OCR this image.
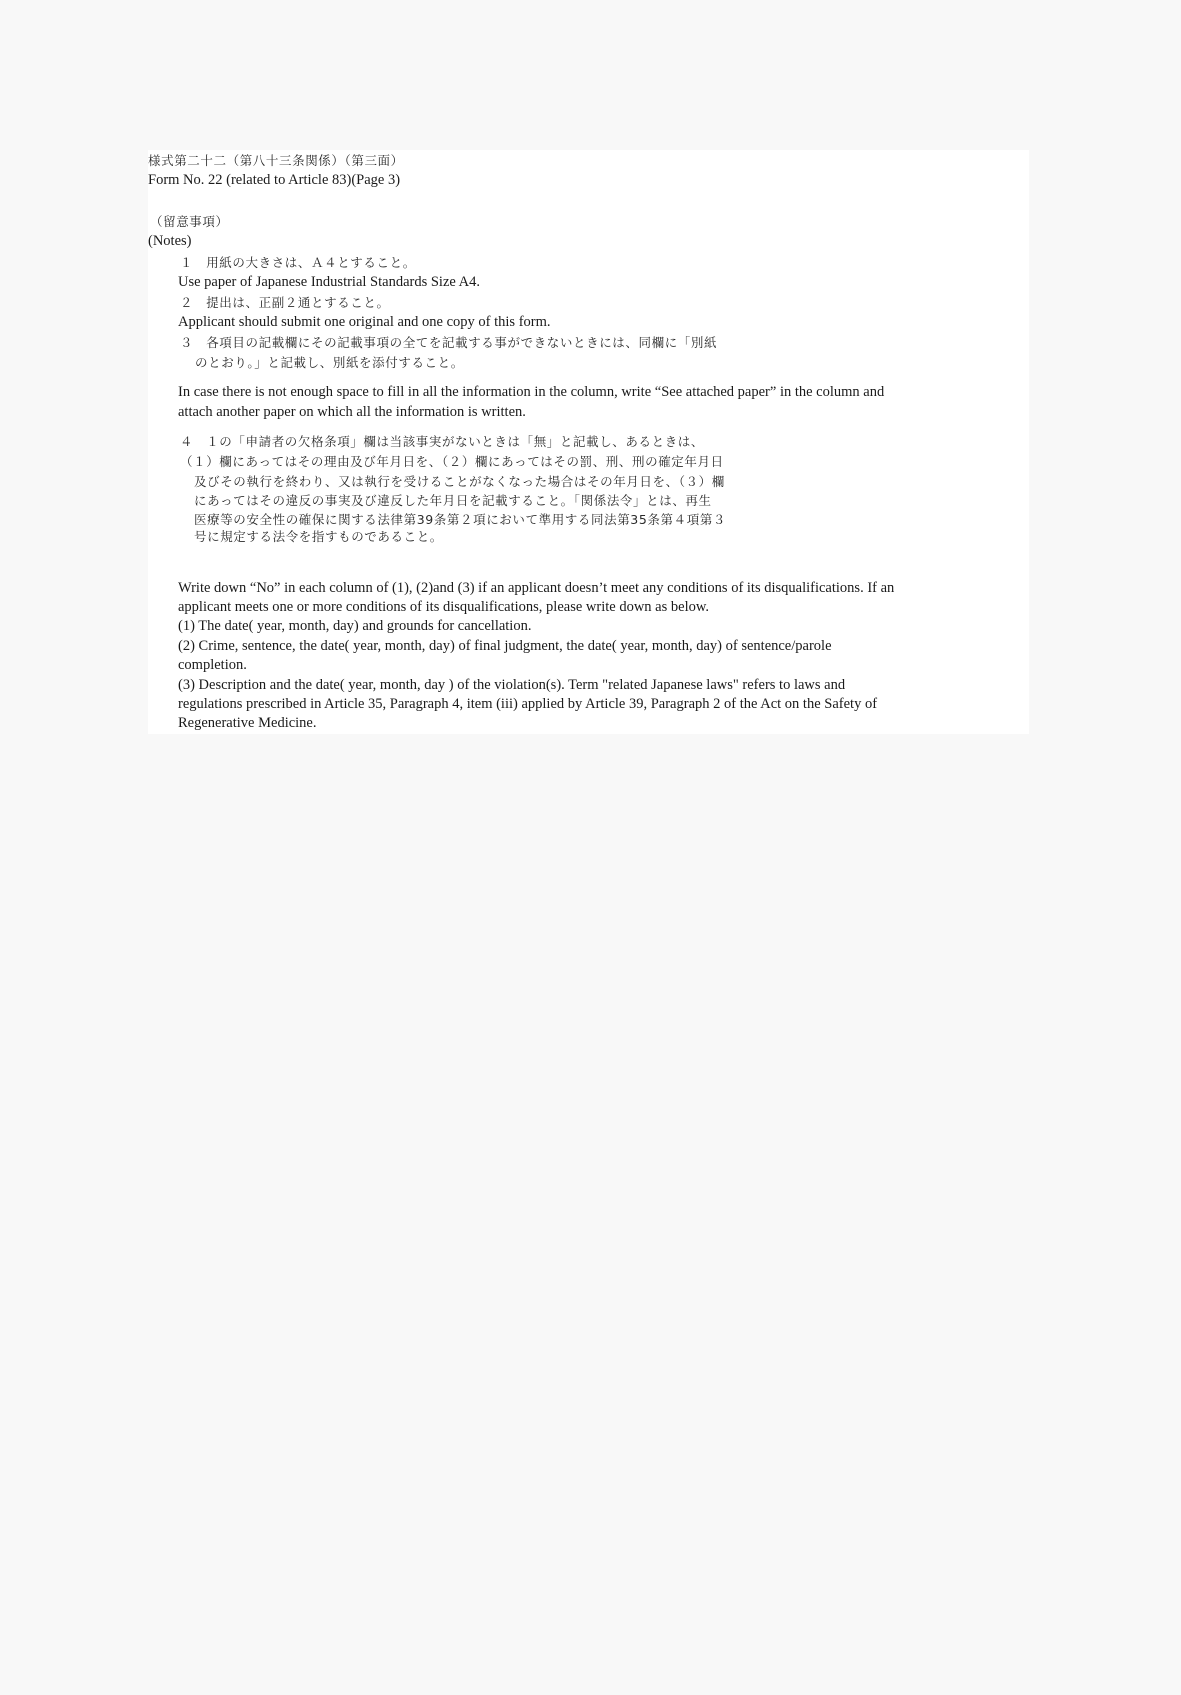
様式第二十二（第八十三条関係）（第三面）
Form No. 22 (related to Article 83)(Page 3)
（留意事項）
(Notes)
１　用紙の大きさは、Ａ４とすること。
Use paper of Japanese Industrial Standards Size A4.
２　提出は、正副２通とすること。
Applicant should submit one original and one copy of this form.
３　各項目の記載欄にその記載事項の全てを記載する事ができないときには、同欄に「別紙
のとおり。」と記載し、別紙を添付すること。
In case there is not enough space to fill in all the information in the column, write “See attached paper” in the column and
attach another paper on which all the information is written.
４　１の「申請者の欠格条項」欄は当該事実がないときは「無」と記載し、あるときは、
（１）欄にあってはその理由及び年月日を、（２）欄にあってはその罰、刑、刑の確定年月日
及びその執行を終わり、又は執行を受けることがなくなった場合はその年月日を、（３）欄
にあってはその違反の事実及び違反した年月日を記載すること。「関係法令」とは、再生
医療等の安全性の確保に関する法律第39条第２項において準用する同法第35条第４項第３
号に規定する法令を指すものであること。
Write down “No” in each column of (1), (2)and (3) if an applicant doesn’t meet any conditions of its disqualifications. If an
applicant meets one or more conditions of its disqualifications, please write down as below.
(1) The date( year, month, day) and grounds for cancellation.
(2) Crime, sentence, the date( year, month, day) of final judgment, the date( year, month, day) of sentence/parole
completion.
(3) Description and the date( year, month, day ) of the violation(s). Term "related Japanese laws" refers to laws and
regulations prescribed in Article 35, Paragraph 4, item (iii) applied by Article 39, Paragraph 2 of the Act on the Safety of
Regenerative Medicine.
